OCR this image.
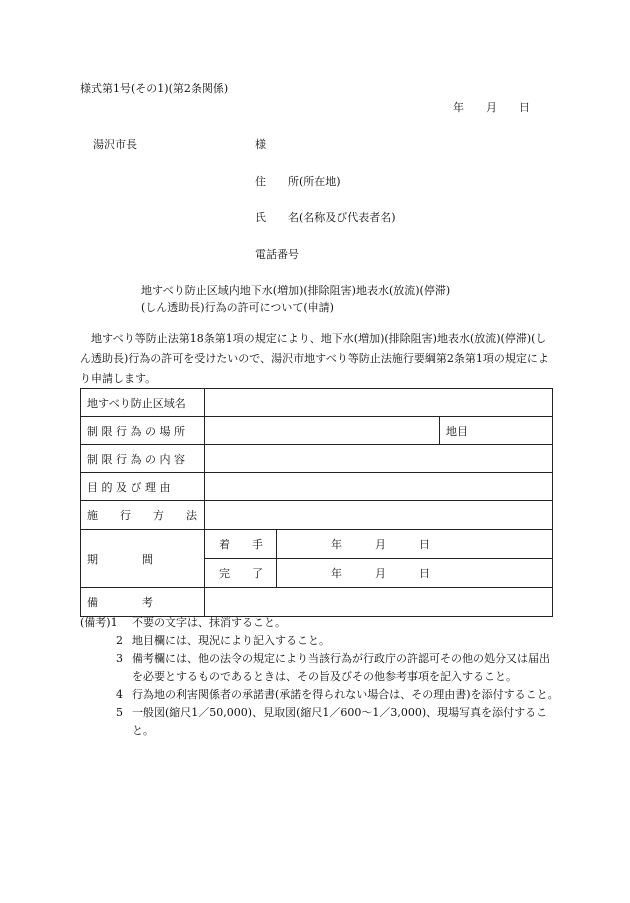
様式第1号(その1)(第2条関係)
年　　月　　日
湯沢市長	様
住　　所(所在地)
氏　　名(名称及び代表者名)
電話番号
地すべり防止区域内地下水(増加)(排除阻害)地表水(放流)(停滞)
(しん透助長)行為の許可について(申請)
　地すべり等防止法第18条第1項の規定により、地下水(増加)(排除阻害)地表水(放流)(停滞)(しん透助長)行為の許可を受けたいので、湯沢市地すべり等防止法施行要綱第2条第1項の規定により申請します。
地すべり防止区域名			
制 限 行 為 の 場 所			地目
制 限 行 為 の 内 容			
目 的 及 び 理 由			
施　　行　　方　　法			
期　　　　間	着　　手	年　　　月　　　日	
	完　　了	年　　　月　　　日	
備　　　　考			
(備考)1 不要の文字は、抹消すること。
2 地目欄には、現況により記入すること。
3 備考欄には、他の法令の規定により当該行為が行政庁の許認可その他の処分又は届出を必要とするものであるときは、その旨及びその他参考事項を記入すること。
4 行為地の利害関係者の承諾書(承諾を得られない場合は、その理由書)を添付すること。
5 一般図(縮尺1／50,000)、見取図(縮尺1／600～1／3,000)、現場写真を添付すること。
